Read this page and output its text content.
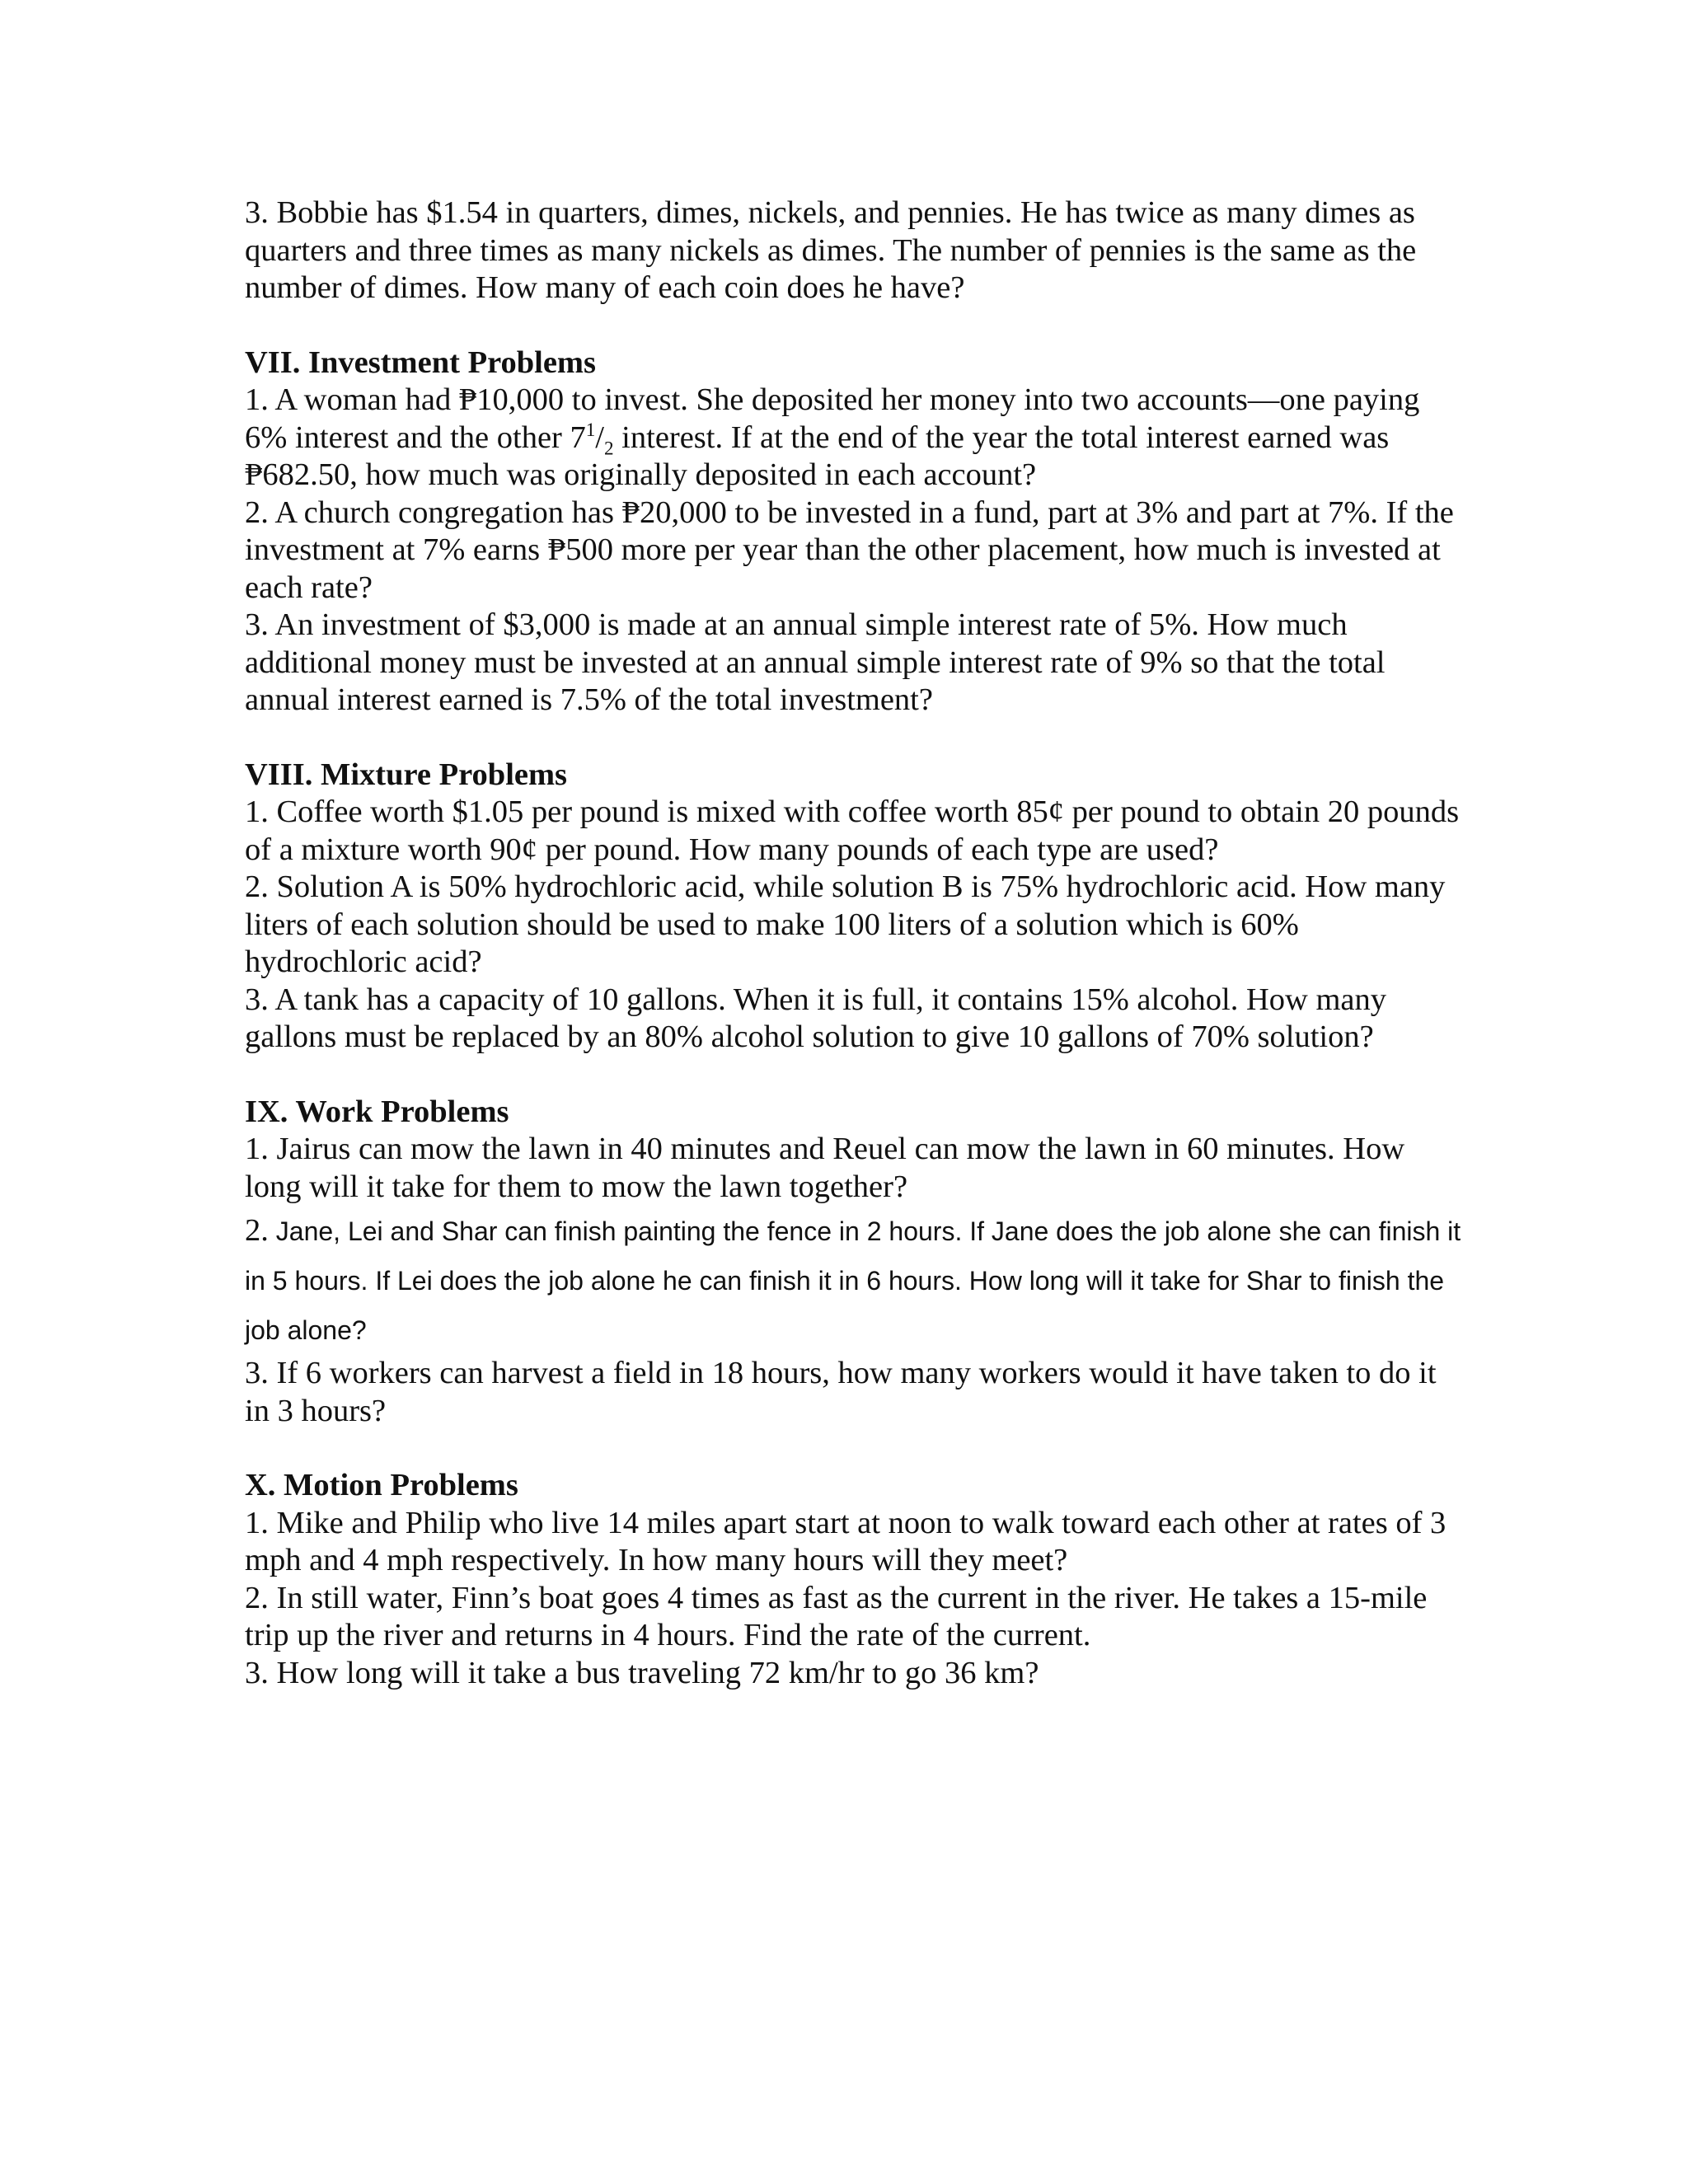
3. Bobbie has $1.54 in quarters, dimes, nickels, and pennies. He has twice as many dimes as quarters and three times as many nickels as dimes. The number of pennies is the same as the number of dimes. How many of each coin does he have?

VII. Investment Problems

1. A woman had ₱10,000 to invest. She deposited her money into two accounts—one paying 6% interest and the other $7^1/_2$ interest. If at the end of the year the total interest earned was ₱682.50, how much was originally deposited in each account?

2. A church congregation has ₱20,000 to be invested in a fund, part at 3% and part at 7%. If the investment at 7% earns ₱500 more per year than the other placement, how much is invested at each rate?

3. An investment of $3,000 is made at an annual simple interest rate of 5%. How much additional money must be invested at an annual simple interest rate of 9% so that the total annual interest earned is 7.5% of the total investment?

VIII. Mixture Problems

1. Coffee worth $1.05 per pound is mixed with coffee worth 85¢ per pound to obtain 20 pounds of a mixture worth 90¢ per pound. How many pounds of each type are used?

2. Solution A is 50% hydrochloric acid, while solution B is 75% hydrochloric acid. How many liters of each solution should be used to make 100 liters of a solution which is 60% hydrochloric acid?

3. A tank has a capacity of 10 gallons. When it is full, it contains 15% alcohol. How many gallons must be replaced by an 80% alcohol solution to give 10 gallons of 70% solution?

IX. Work Problems

1. Jairus can mow the lawn in 40 minutes and Reuel can mow the lawn in 60 minutes. How long will it take for them to mow the lawn together?

2. Jane, Lei and Shar can finish painting the fence in 2 hours. If Jane does the job alone she can finish it in 5 hours. If Lei does the job alone he can finish it in 6 hours. How long will it take for Shar to finish the job alone?

3. If 6 workers can harvest a field in 18 hours, how many workers would it have taken to do it in 3 hours?

X. Motion Problems

1. Mike and Philip who live 14 miles apart start at noon to walk toward each other at rates of 3 mph and 4 mph respectively. In how many hours will they meet?

2. In still water, Finn’s boat goes 4 times as fast as the current in the river. He takes a 15-mile trip up the river and returns in 4 hours. Find the rate of the current.

3. How long will it take a bus traveling 72 km/hr to go 36 km?
